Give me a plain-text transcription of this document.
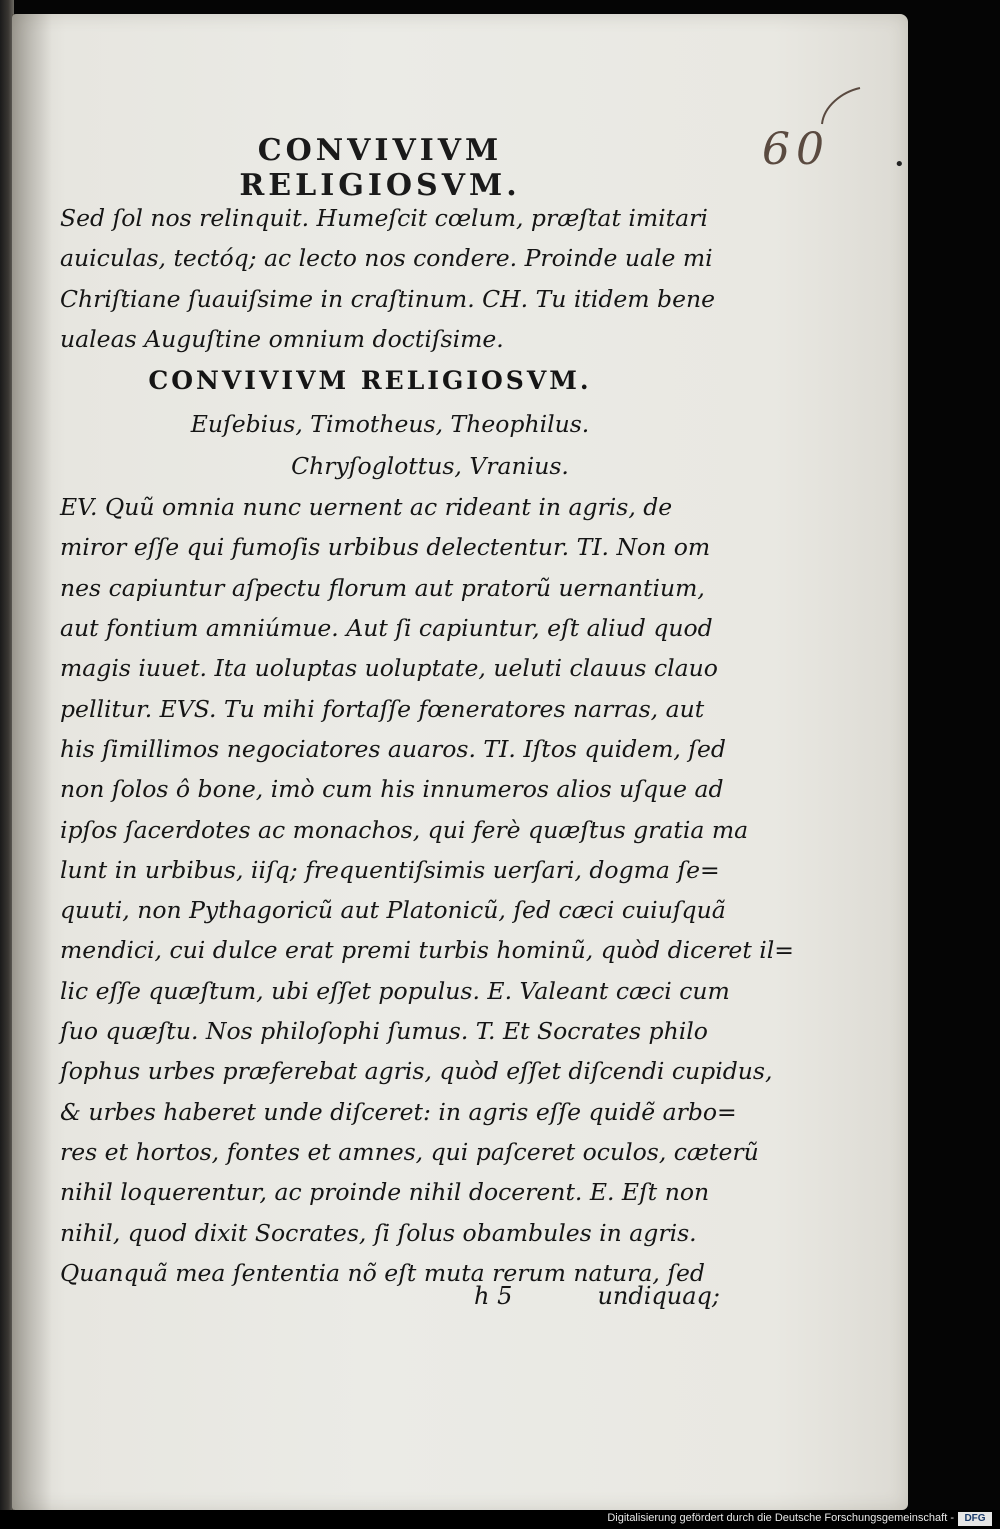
CONVIVIVM RELIGIOSVM.
60	•
Sed ſol nos relinquit. Humeſcit cœlum, præſtat imitari
auiculas, tectóq; ac lecto nos condere. Proinde uale mi
Chriſtiane ſuauiſsime in craſtinum. CH. Tu itidem bene
ualeas Auguſtine omnium doctiſsime.
CONVIVIVM RELIGIOSVM.
Euſebius, Timotheus, Theophilus.
Chryſoglottus, Vranius.
EV. Quũ omnia nunc uernent ac rideant in agris, de
miror eſſe qui fumoſis urbibus delectentur. TI. Non om
nes capiuntur aſpectu florum aut pratorũ uernantium,
aut fontium amniúmue. Aut ſi capiuntur, eſt aliud quod
magis iuuet. Ita uoluptas uoluptate, ueluti clauus clauo
pellitur. EVS. Tu mihi fortaſſe fœneratores narras, aut
his ſimillimos negociatores auaros. TI. Iſtos quidem, ſed
non ſolos ô bone, imò cum his innumeros alios uſque ad
ipſos ſacerdotes ac monachos, qui ferè quæſtus gratia ma
lunt in urbibus, iiſq; frequentiſsimis uerſari, dogma ſe=
quuti, non Pythagoricũ aut Platonicũ, ſed cæci cuiuſquã
mendici, cui dulce erat premi turbis hominũ, quòd diceret il=
lic eſſe quæſtum, ubi eſſet populus. E. Valeant cæci cum
ſuo quæſtu. Nos philoſophi ſumus. T. Et Socrates philo
ſophus urbes præferebat agris, quòd eſſet diſcendi cupidus,
& urbes haberet unde diſceret: in agris eſſe quidẽ arbo=
res et hortos, fontes et amnes, qui paſceret oculos, cæterũ
nihil loquerentur, ac proinde nihil docerent. E. Eſt non
nihil, quod dixit Socrates, ſi ſolus obambules in agris.
Quanquã mea ſententia nõ eſt muta rerum natura, ſed
h 5	undiquaq;
Digitalisierung gefördert durch die Deutsche Forschungsgemeinschaft -	DFG
